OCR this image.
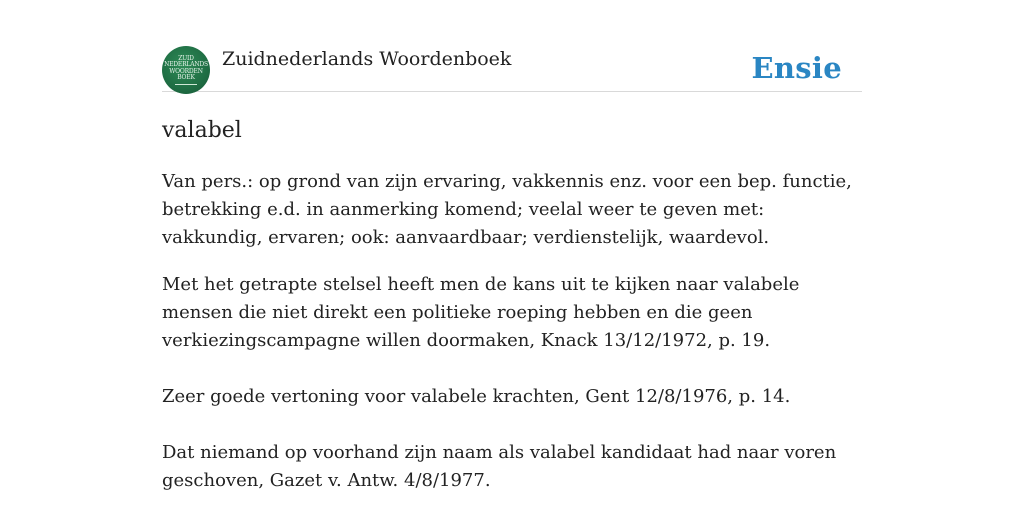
ZUID
NEDERLANDS
WOORDEN
BOEK
Zuidnederlands Woordenboek	Ensie
valabel

Van pers.: op grond van zijn ervaring, vakkennis enz. voor een bep. functie, betrekking e.d. in aanmerking komend; veelal weer te geven met: vakkundig, ervaren; ook: aanvaardbaar; verdienstelijk, waardevol.

Met het getrapte stelsel heeft men de kans uit te kijken naar valabele mensen die niet direkt een politieke roeping hebben en die geen verkiezingscampagne willen doormaken, Knack 13/12/1972, p. 19.

Zeer goede vertoning voor valabele krachten, Gent 12/8/1976, p. 14.

Dat niemand op voorhand zijn naam als valabel kandidaat had naar voren geschoven, Gazet v. Antw. 4/8/1977.
